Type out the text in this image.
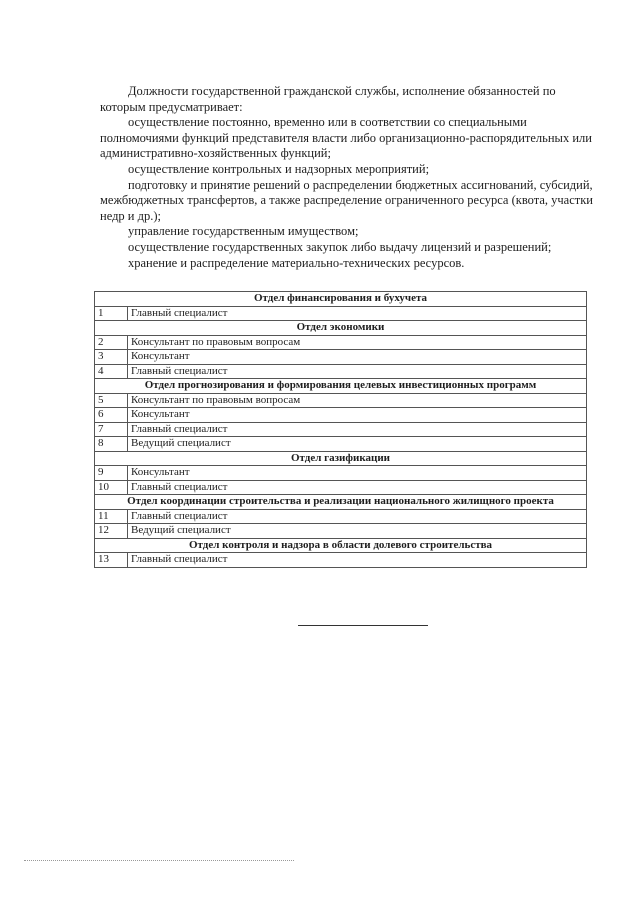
Должности государственной гражданской службы, исполнение обязанностей по которым предусматривает:

осуществление постоянно, временно или в соответствии со специальными полномочиями функций представителя власти либо организационно-распорядительных или административно-хозяйственных функций;

осуществление контрольных и надзорных мероприятий;

подготовку и принятие решений о распределении бюджетных ассигнований, субсидий, межбюджетных трансфертов, а также распределение ограниченного ресурса (квота, участки недр и др.);

управление государственным имуществом;

осуществление государственных закупок либо выдачу лицензий и разрешений;

хранение и распределение материально-технических ресурсов.

Отдел финансирования и бухучета	
1	Главный специалист
Отдел экономики	
2	Консультант по правовым вопросам
3	Консультант
4	Главный специалист
Отдел прогнозирования и формирования целевых инвестиционных программ	
5	Консультант по правовым вопросам
6	Консультант
7	Главный специалист
8	Ведущий специалист
Отдел газификации	
9	Консультант
10	Главный специалист
Отдел координации строительства и реализации национального жилищного проекта	
11	Главный специалист
12	Ведущий специалист
Отдел контроля и надзора в области долевого строительства	
13	Главный специалист
